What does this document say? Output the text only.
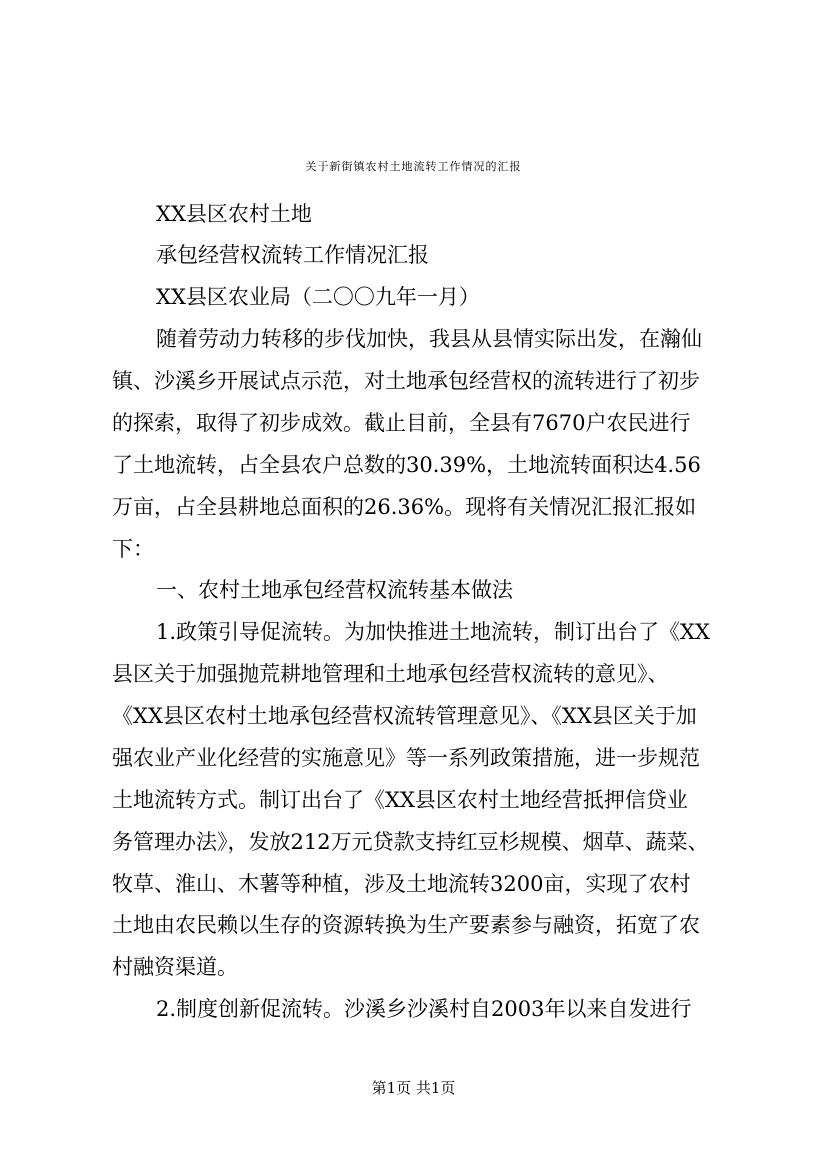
关于新街镇农村土地流转工作情况的汇报
XX县区农村土地
承包经营权流转工作情况汇报
XX县区农业局（二〇〇九年一月）
随着劳动力转移的步伐加快，我县从县情实际出发，在瀚仙
镇、沙溪乡开展试点示范，对土地承包经营权的流转进行了初步
的探索，取得了初步成效。截止目前，全县有7670户农民进行
了土地流转，占全县农户总数的30.39%，土地流转面积达4.56
万亩，占全县耕地总面积的26.36%。现将有关情况汇报汇报如
下：
一、农村土地承包经营权流转基本做法
1.政策引导促流转。为加快推进土地流转，制订出台了《XX
县区关于加强抛荒耕地管理和土地承包经营权流转的意见》、
《XX县区农村土地承包经营权流转管理意见》、《XX县区关于加
强农业产业化经营的实施意见》等一系列政策措施，进一步规范
土地流转方式。制订出台了《XX县区农村土地经营抵押信贷业
务管理办法》，发放212万元贷款支持红豆杉规模、烟草、蔬菜、
牧草、淮山、木薯等种植，涉及土地流转3200亩，实现了农村
土地由农民赖以生存的资源转换为生产要素参与融资，拓宽了农
村融资渠道。
2.制度创新促流转。沙溪乡沙溪村自2003年以来自发进行
第1页 共1页
